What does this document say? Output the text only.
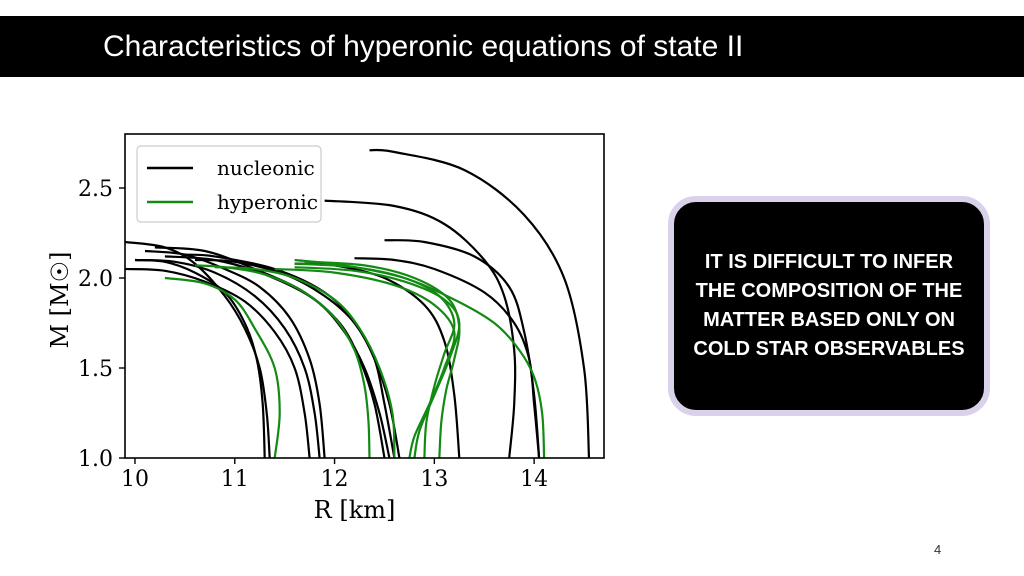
Characteristics of hyperonic equations of state II
10	11	12	13	14
1.0
1.5
2.0
2.5
R [km]
M [M☉]
nucleonic
hyperonic
IT IS DIFFICULT TO INFER THE COMPOSITION OF THE MATTER BASED ONLY ON COLD STAR OBSERVABLES
4
